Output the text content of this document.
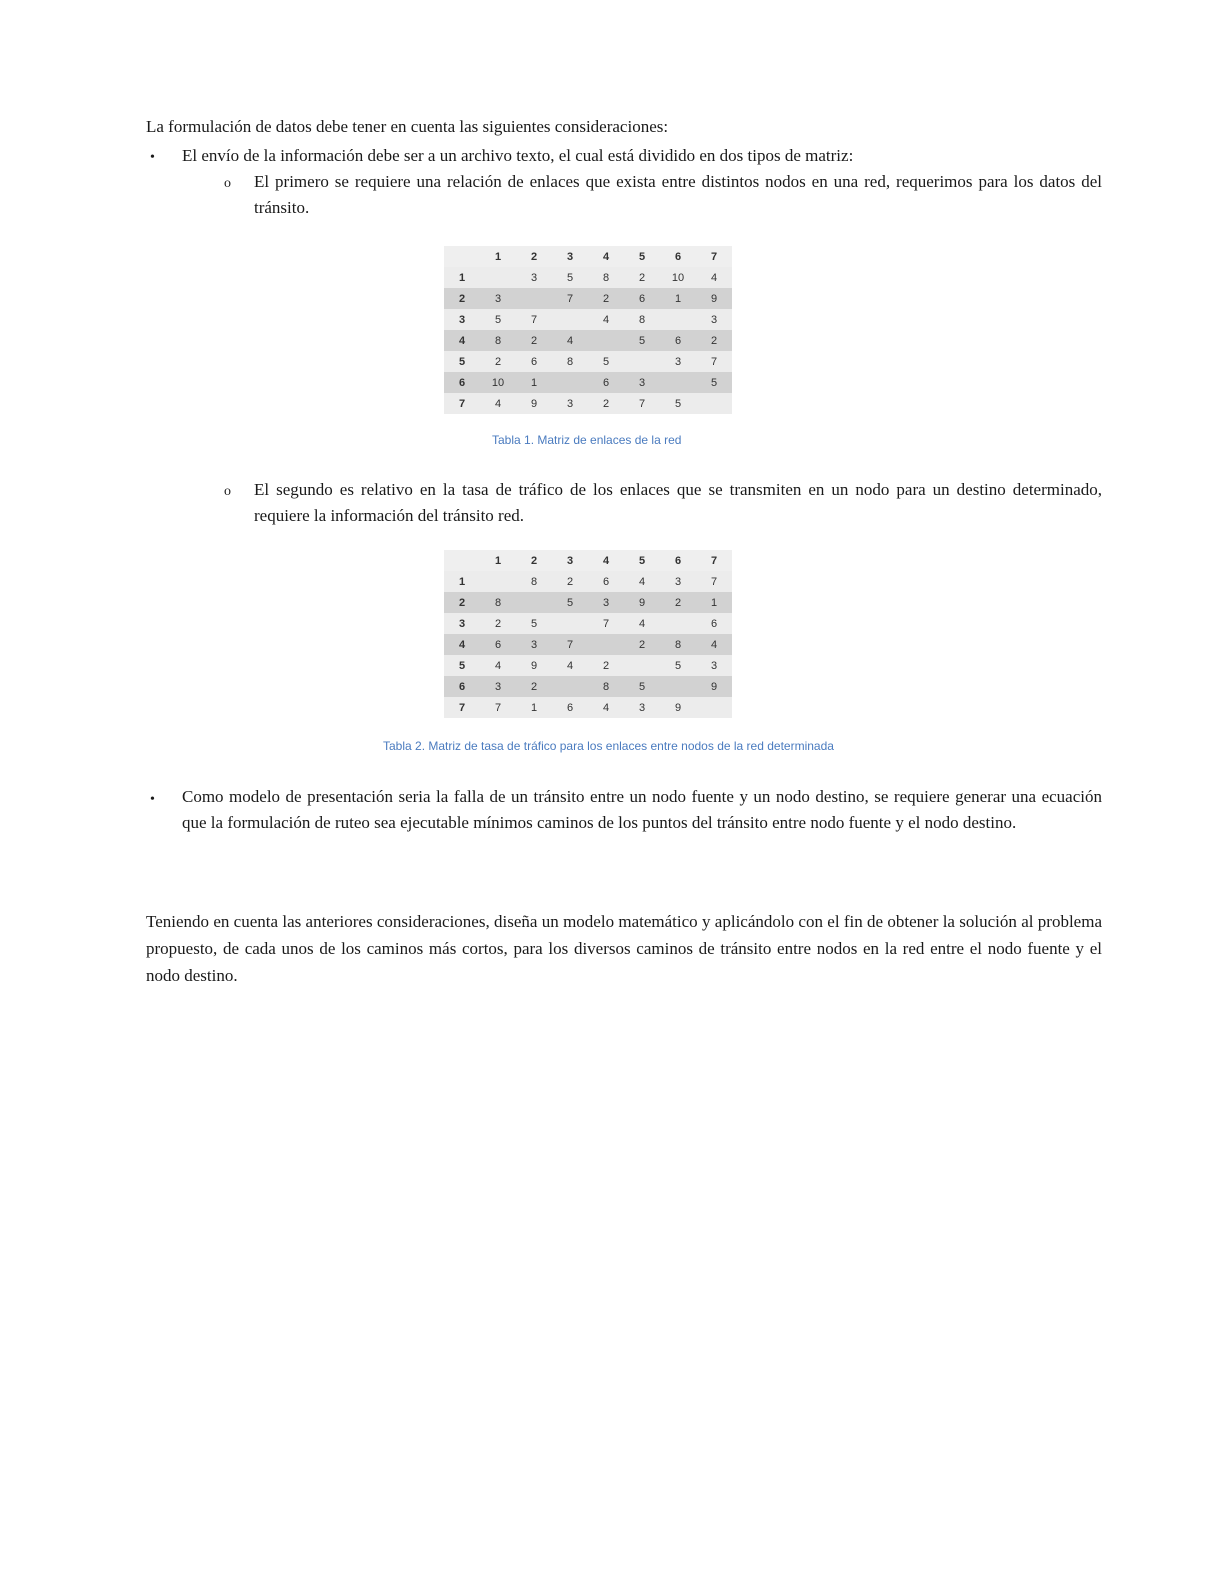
La formulación de datos debe tener en cuenta las siguientes consideraciones:
• El envío de la información debe ser a un archivo texto, el cual está dividido en dos tipos de matriz:
o El primero se requiere una relación de enlaces que exista entre distintos nodos en una red, requerimos para los datos del tránsito.
	1	2	3	4	5	6	7
1		3	5	8	2	10	4
2	3		7	2	6	1	9
3	5	7		4	8		3
4	8	2	4		5	6	2
5	2	6	8	5		3	7
6	10	1		6	3		5
7	4	9	3	2	7	5	
Tabla 1. Matriz de enlaces de la red
o El segundo es relativo en la tasa de tráfico de los enlaces que se transmiten en un nodo para un destino determinado, requiere la información del tránsito red.
	1	2	3	4	5	6	7
1		8	2	6	4	3	7
2	8		5	3	9	2	1
3	2	5		7	4		6
4	6	3	7		2	8	4
5	4	9	4	2		5	3
6	3	2		8	5		9
7	7	1	6	4	3	9	
Tabla 2. Matriz de tasa de tráfico para los enlaces entre nodos de la red determinada
• Como modelo de presentación seria la falla de un tránsito entre un nodo fuente y un nodo destino, se requiere generar una ecuación que la formulación de ruteo sea ejecutable mínimos caminos de los puntos del tránsito entre nodo fuente y el nodo destino.
Teniendo en cuenta las anteriores consideraciones, diseña un modelo matemático y aplicándolo con el fin de obtener la solución al problema propuesto, de cada unos de los caminos más cortos, para los diversos caminos de tránsito entre nodos en la red entre el nodo fuente y el nodo destino.
